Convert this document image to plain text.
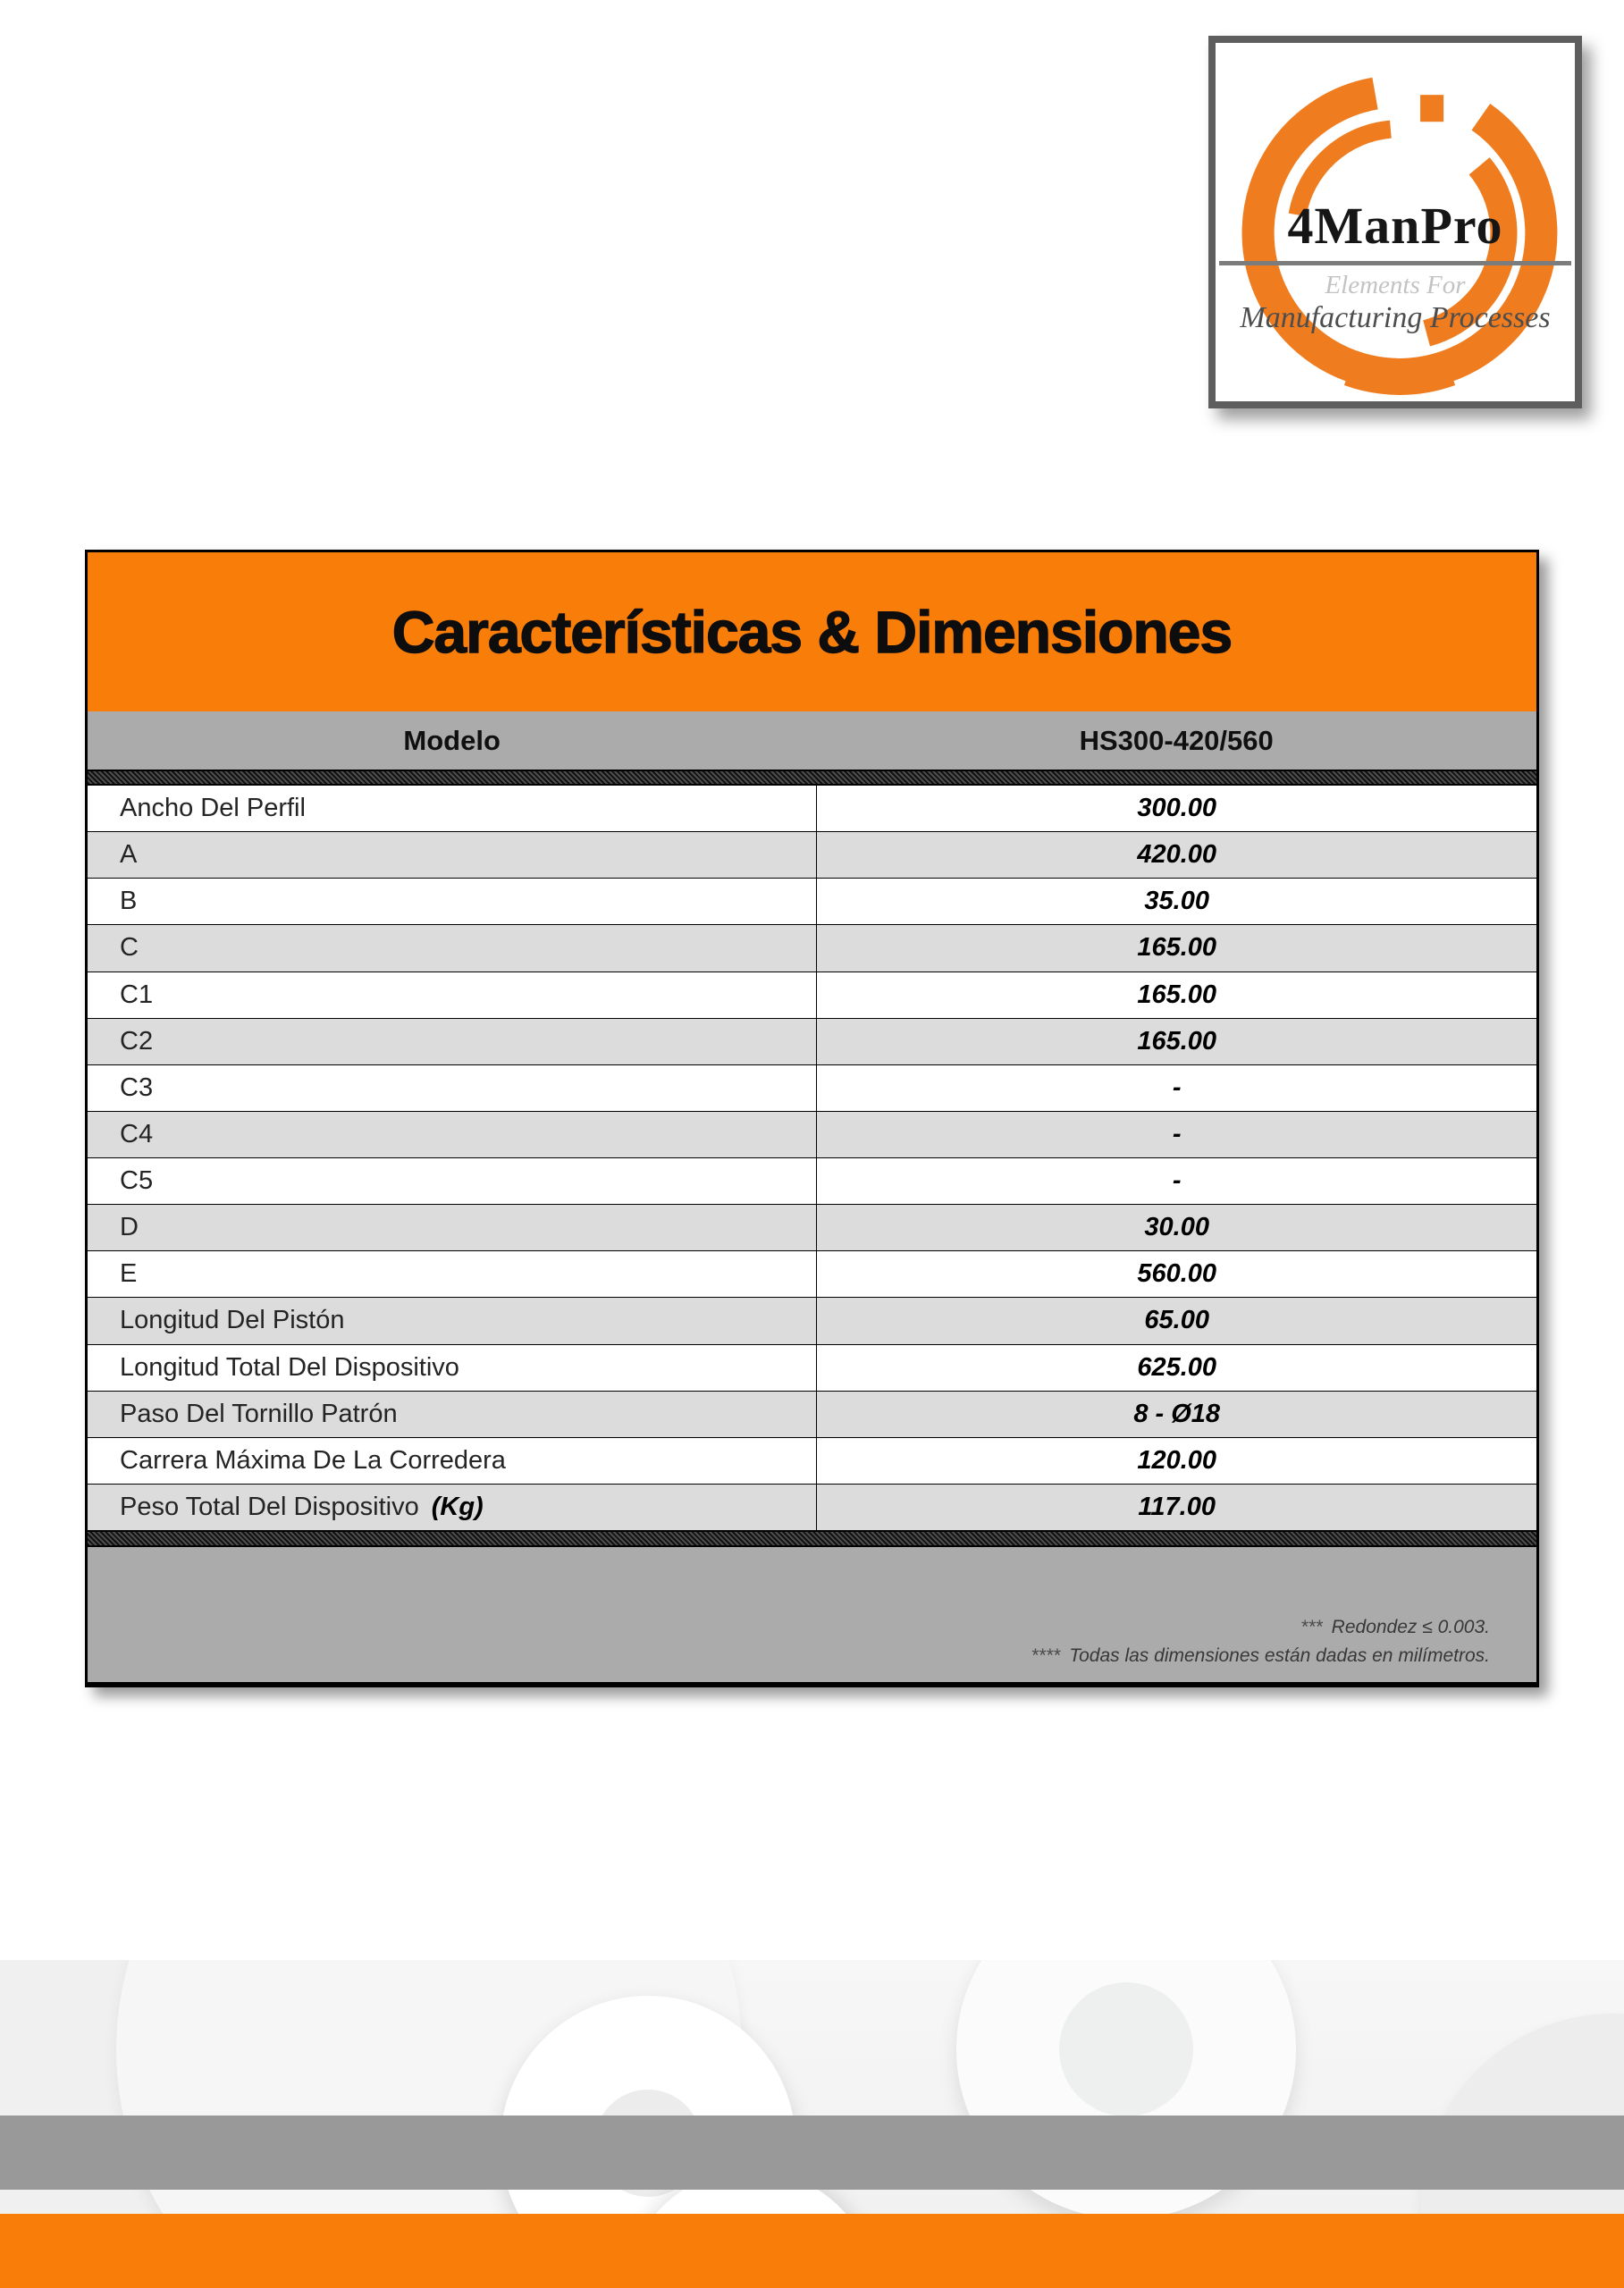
4ManPro
Elements For
Manufacturing Processes
Características & Dimensiones
Modelo	HS300-420/560
Ancho Del Perfil	300.00
A	420.00
B	35.00
C	165.00
C1	165.00
C2	165.00
C3	-
C4	-
C5	-
D	30.00
E	560.00
Longitud Del Pistón	65.00
Longitud Total Del Dispositivo	625.00
Paso Del Tornillo Patrón	8 - Ø18
Carrera Máxima De La Corredera	120.00
Peso Total Del Dispositivo (Kg)	117.00
*** Redondez ≤ 0.003.
**** Todas las dimensiones están dadas en milímetros.
